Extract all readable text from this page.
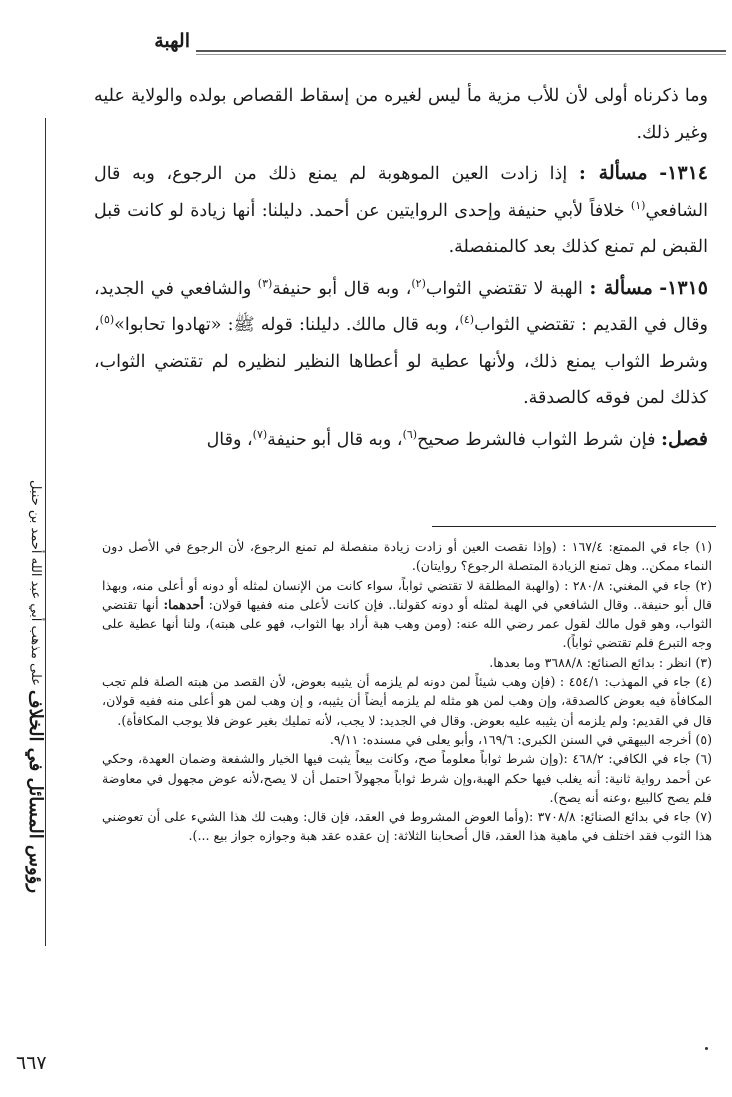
الهبة

وما ذكرناه أولى لأن للأب مزية مأ ليس لغيره من إسقاط القصاص بولده والولاية عليه وغير ذلك.

١٣١٤- مسألة : إذا زادت العين الموهوبة لم يمنع ذلك من الرجوع، وبه قال الشافعي$^{(١)}$ خلافاً لأبي حنيفة وإحدى الروايتين عن أحمد. دليلنا: أنها زيادة لو كانت قبل القبض لم تمنع كذلك بعد كالمنفصلة.

١٣١٥- مسألة : الهبة لا تقتضي الثواب$^{(٢)}$، وبه قال أبو حنيفة$^{(٣)}$ والشافعي في الجديد، وقال في القديم : تقتضي الثواب$^{(٤)}$، وبه قال مالك. دليلنا: قوله ﷺ: «تهادوا تحابوا»$^{(٥)}$، وشرط الثواب يمنع ذلك، ولأنها عطية لو أعطاها النظير لنظيره لم تقتضي الثواب، كذلك لمن فوقه كالصدقة.

فصل: فإن شرط الثواب فالشرط صحيح$^{(٦)}$، وبه قال أبو حنيفة$^{(٧)}$، وقال

(١) جاء في الممتع: ١٦٧/٤ : (وإذا نقصت العين أو زادت زيادة منفصلة لم تمنع الرجوع، لأن الرجوع في الأصل دون النماء ممكن.. وهل تمنع الزيادة المتصلة الرجوع؟ روايتان).

(٢) جاء في المغني: ٢٨٠/٨ : (والهبة المطلقة لا تقتضي ثواباً، سواء كانت من الإنسان لمثله أو دونه أو أعلى منه، وبهذا قال أبو حنيفة.. وقال الشافعي في الهبة لمثله أو دونه كقولنا.. فإن كانت لأعلى منه ففيها قولان: أحدهما: أنها تقتضي الثواب، وهو قول مالك لقول عمر رضي الله عنه: (ومن وهب هبة أراد بها الثواب، فهو على هبته)، ولنا أنها عطية على وجه التبرع فلم تقتضي ثواباً).

(٣) انظر : بدائع الصنائع: ٣٦٨٨/٨ وما بعدها.

(٤) جاء في المهذب: ٤٥٤/١ : (فإن وهب شيئاً لمن دونه لم يلزمه أن يثيبه بعوض، لأن القصد من هبته الصلة فلم تجب المكافأة فيه بعوض كالصدقة، وإن وهب لمن هو مثله لم يلزمه أيضاً أن يثيبه، و إن وهب لمن هو أعلى منه ففيه قولان، قال في القديم: ولم يلزمه أن يثيبه عليه بعوض. وقال في الجديد: لا يجب، لأنه تمليك بغير عوض فلا يوجب المكافأة).

(٥) أخرجه البيهقي في السنن الكبرى: ١٦٩/٦، وأبو يعلى في مسنده: ٩/١١.

(٦) جاء في الكافي: ٤٦٨/٢ :(وإن شرط ثواباً معلوماً صح، وكانت بيعاً يثبت فيها الخيار والشفعة وضمان العهدة، وحكي عن أحمد رواية ثانية: أنه يغلب فيها حكم الهبة،وإن شرط ثواباً مجهولاً احتمل أن لا يصح،لأنه عوض مجهول في معاوضة فلم يصح كالبيع ،وعنه أنه يصح).

(٧) جاء في بدائع الصنائع: ٣٧٠٨/٨ :(وأما العوض المشروط في العقد، فإن قال: وهبت لك هذا الشيء على أن تعوضني هذا الثوب فقد اختلف في ماهية هذا العقد، قال أصحابنا الثلاثة: إن عقده عقد هبة وجوازه جواز بيع ...).

رؤوس المسائل في الخلاف على مذهب أبي عبد الله أحمد بن حنبل
٦٦٧
